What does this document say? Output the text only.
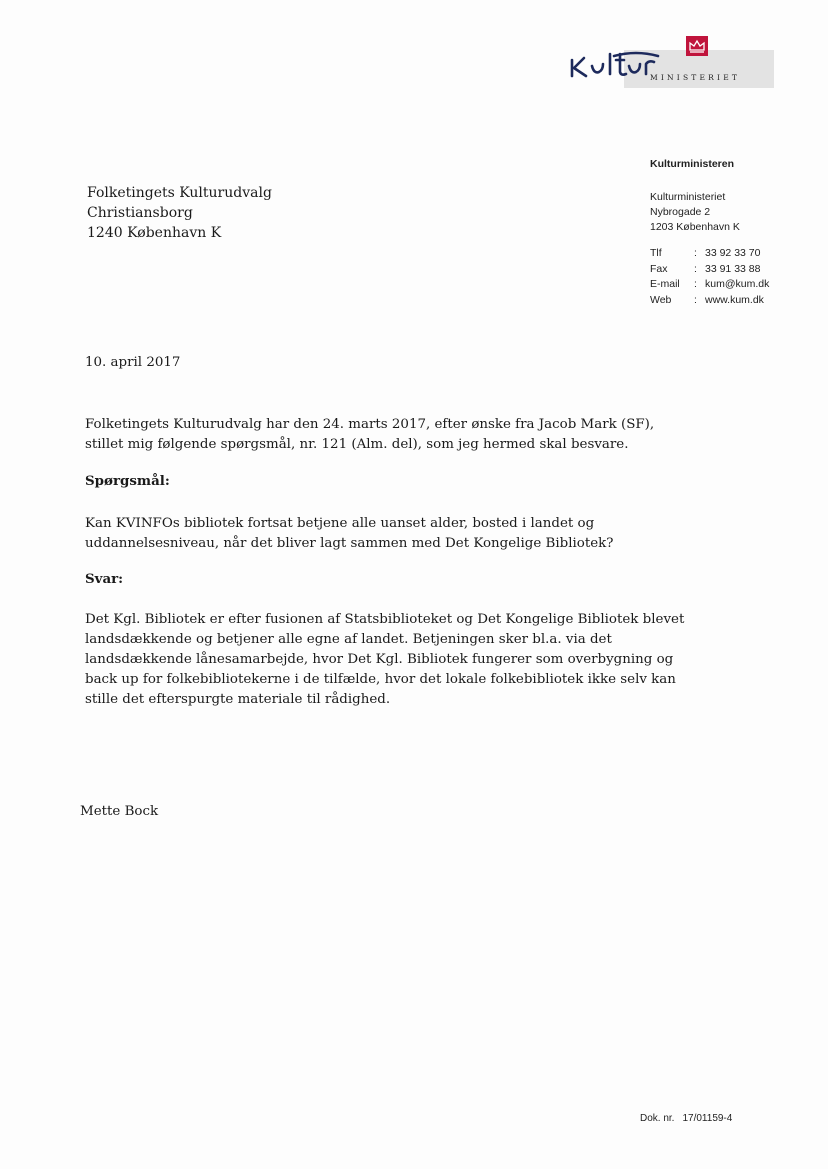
MINISTERIET
Kulturministeren
Kulturministeriet
Nybrogade 2
1203 København K
Tlf	: 33 92 33 70
Fax	: 33 91 33 88
E-mail	: kum@kum.dk
Web	: www.kum.dk
Folketingets Kulturudvalg
Christiansborg
1240 København K
10. april 2017
Folketingets Kulturudvalg har den 24. marts 2017, efter ønske fra Jacob Mark (SF),
stillet mig følgende spørgsmål, nr. 121 (Alm. del), som jeg hermed skal besvare.
Spørgsmål:
Kan KVINFOs bibliotek fortsat betjene alle uanset alder, bosted i landet og
uddannelsesniveau, når det bliver lagt sammen med Det Kongelige Bibliotek?
Svar:
Det Kgl. Bibliotek er efter fusionen af Statsbiblioteket og Det Kongelige Bibliotek blevet
landsdækkende og betjener alle egne af landet. Betjeningen sker bl.a. via det
landsdækkende lånesamarbejde, hvor Det Kgl. Bibliotek fungerer som overbygning og
back up for folkebibliotekerne i de tilfælde, hvor det lokale folkebibliotek ikke selv kan
stille det efterspurgte materiale til rådighed.
Mette Bock
Dok. nr. 17/01159-4
